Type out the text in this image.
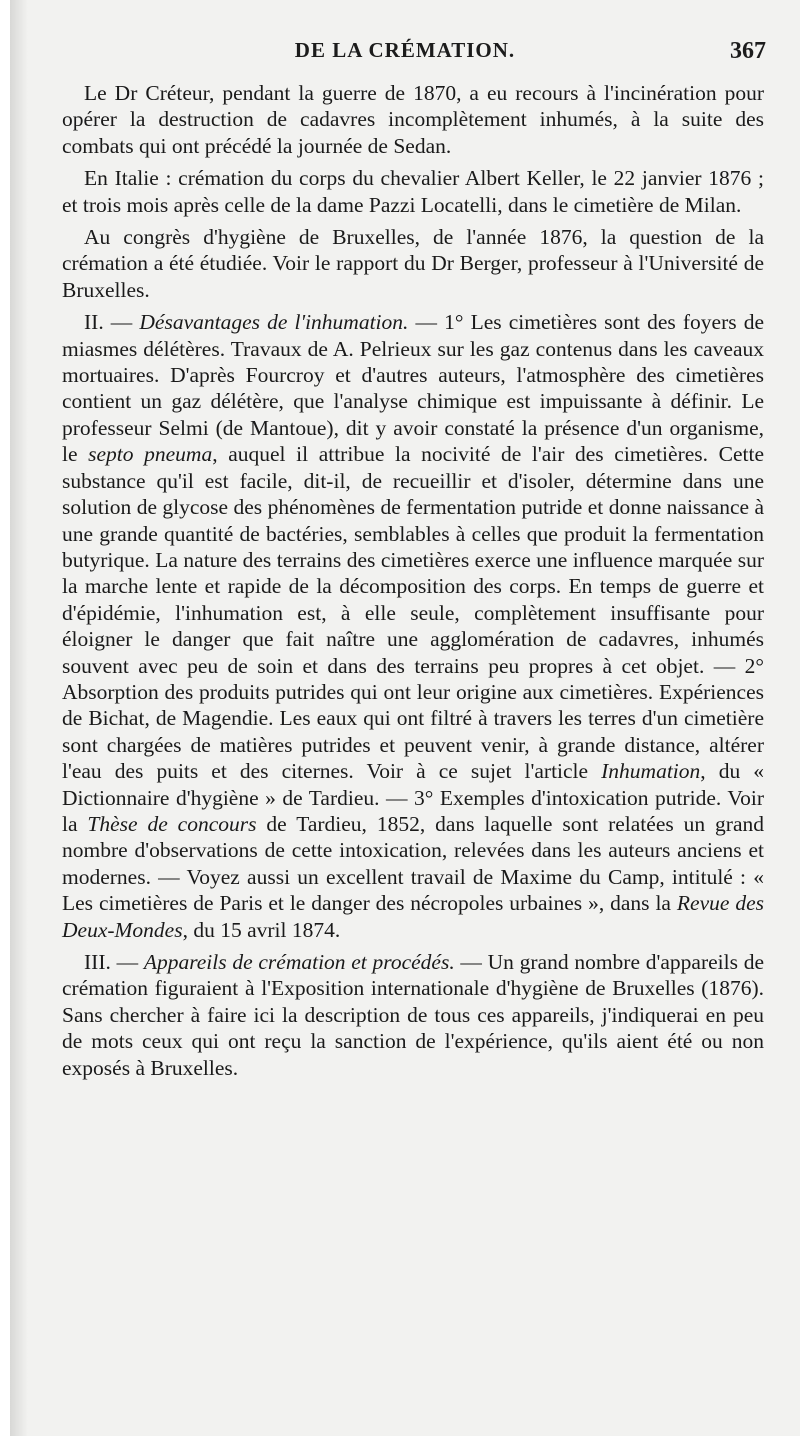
DE LA CRÉMATION.	367

Le Dr Créteur, pendant la guerre de 1870, a eu recours à l'incinération pour opérer la destruction de cadavres incomplètement inhumés, à la suite des combats qui ont précédé la journée de Sedan.

En Italie : crémation du corps du chevalier Albert Keller, le 22 janvier 1876 ; et trois mois après celle de la dame Pazzi Locatelli, dans le cimetière de Milan.

Au congrès d'hygiène de Bruxelles, de l'année 1876, la question de la crémation a été étudiée. Voir le rapport du Dr Berger, professeur à l'Université de Bruxelles.

II. — Désavantages de l'inhumation. — 1° Les cimetières sont des foyers de miasmes délétères. Travaux de A. Pelrieux sur les gaz contenus dans les caveaux mortuaires. D'après Fourcroy et d'autres auteurs, l'atmosphère des cimetières contient un gaz délétère, que l'analyse chimique est impuissante à définir. Le professeur Selmi (de Mantoue), dit y avoir constaté la présence d'un organisme, le septo pneuma, auquel il attribue la nocivité de l'air des cimetières. Cette substance qu'il est facile, dit-il, de recueillir et d'isoler, détermine dans une solution de glycose des phénomènes de fermentation putride et donne naissance à une grande quantité de bactéries, semblables à celles que produit la fermentation butyrique. La nature des terrains des cimetières exerce une influence marquée sur la marche lente et rapide de la décomposition des corps. En temps de guerre et d'épidémie, l'inhumation est, à elle seule, complètement insuffisante pour éloigner le danger que fait naître une agglomération de cadavres, inhumés souvent avec peu de soin et dans des terrains peu propres à cet objet. — 2° Absorption des produits putrides qui ont leur origine aux cimetières. Expériences de Bichat, de Magendie. Les eaux qui ont filtré à travers les terres d'un cimetière sont chargées de matières putrides et peuvent venir, à grande distance, altérer l'eau des puits et des citernes. Voir à ce sujet l'article Inhumation, du « Dictionnaire d'hygiène » de Tardieu. — 3° Exemples d'intoxication putride. Voir la Thèse de concours de Tardieu, 1852, dans laquelle sont relatées un grand nombre d'observations de cette intoxication, relevées dans les auteurs anciens et modernes. — Voyez aussi un excellent travail de Maxime du Camp, intitulé : « Les cimetières de Paris et le danger des nécropoles urbaines », dans la Revue des Deux-Mondes, du 15 avril 1874.

III. — Appareils de crémation et procédés. — Un grand nombre d'appareils de crémation figuraient à l'Exposition internationale d'hygiène de Bruxelles (1876). Sans chercher à faire ici la description de tous ces appareils, j'indiquerai en peu de mots ceux qui ont reçu la sanction de l'expérience, qu'ils aient été ou non exposés à Bruxelles.
